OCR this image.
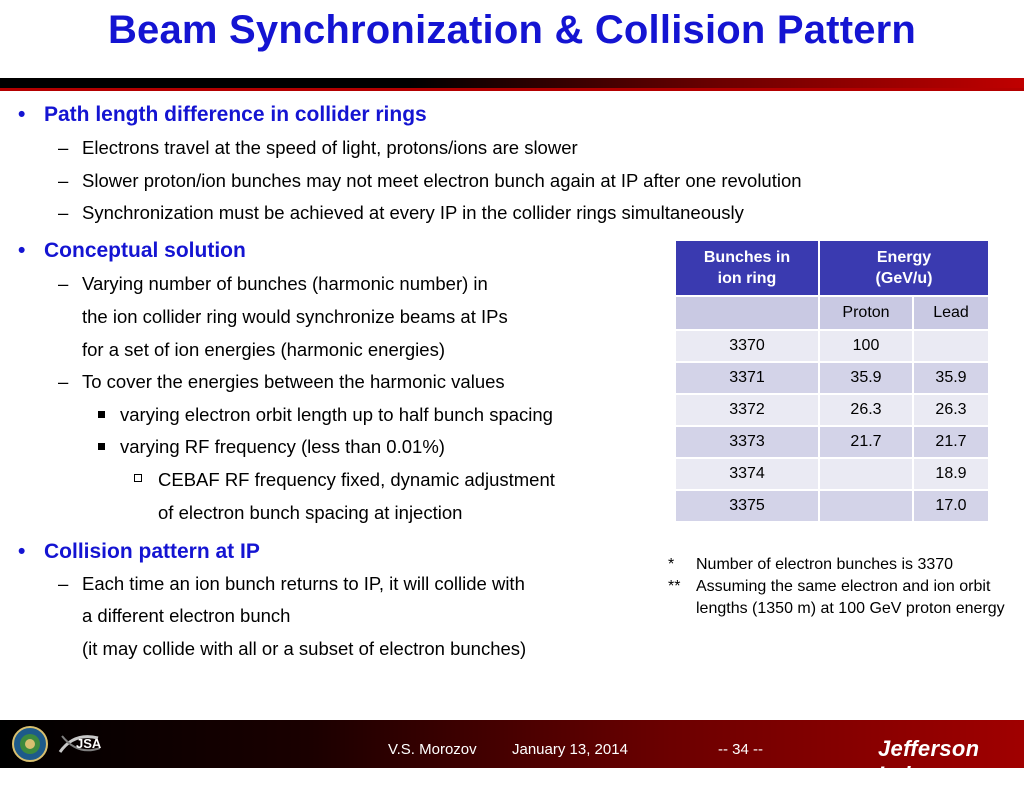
Beam Synchronization & Collision Pattern
• Path length difference in collider rings
– Electrons travel at the speed of light, protons/ions are slower
– Slower proton/ion bunches may not meet electron bunch again at IP after one revolution
– Synchronization must be achieved at every IP in the collider rings simultaneously
• Conceptual solution
– Varying number of bunches (harmonic number) in
the ion collider ring would synchronize beams at IPs
for a set of ion energies (harmonic energies)
– To cover the energies between the harmonic values
varying electron orbit length up to half bunch spacing
varying RF frequency (less than 0.01%)
CEBAF RF frequency fixed, dynamic adjustment
of electron bunch spacing at injection
• Collision pattern at IP
– Each time an ion bunch returns to IP, it will collide with
a different electron bunch
(it may collide with all or a subset of electron bunches)
Bunches in
ion ring	Energy
(GeV/u)	
	Proton	Lead
3370	100	
3371	35.9	35.9
3372	26.3	26.3
3373	21.7	21.7
3374		18.9
3375		17.0
* Number of electron bunches is 3370
** Assuming the same electron and ion orbit lengths (1350 m) at 100 GeV proton energy
JSA	V.S. Morozov January 13, 2014	-- 34 --	Jefferson Lab
